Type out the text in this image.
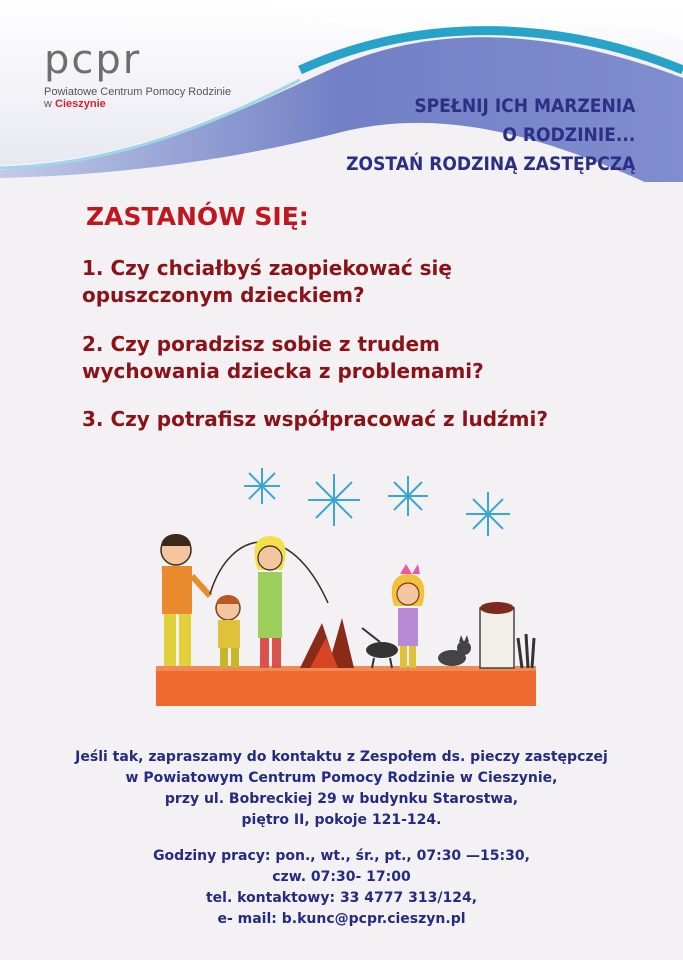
pcpr
Powiatowe Centrum Pomocy Rodzinie
w Cieszynie	SPEŁNIJ ICH MARZENIA
O RODZINIE...
ZOSTAŃ RODZINĄ ZASTĘPCZĄ
ZASTANÓW SIĘ:
1. Czy chciałbyś zaopiekować się
opuszczonym dzieckiem?
2. Czy poradzisz sobie z trudem
wychowania dziecka z problemami?
3. Czy potrafisz współpracować z ludźmi?
Jeśli tak, zapraszamy do kontaktu z Zespołem ds. pieczy zastępczej
w Powiatowym Centrum Pomocy Rodzinie w Cieszynie,
przy ul. Bobreckiej 29 w budynku Starostwa,
piętro II, pokoje 121-124.
Godziny pracy: pon., wt., śr., pt., 07:30 —15:30,
czw. 07:30- 17:00
tel. kontaktowy: 33 4777 313/124,
e- mail: b.kunc@pcpr.cieszyn.pl
